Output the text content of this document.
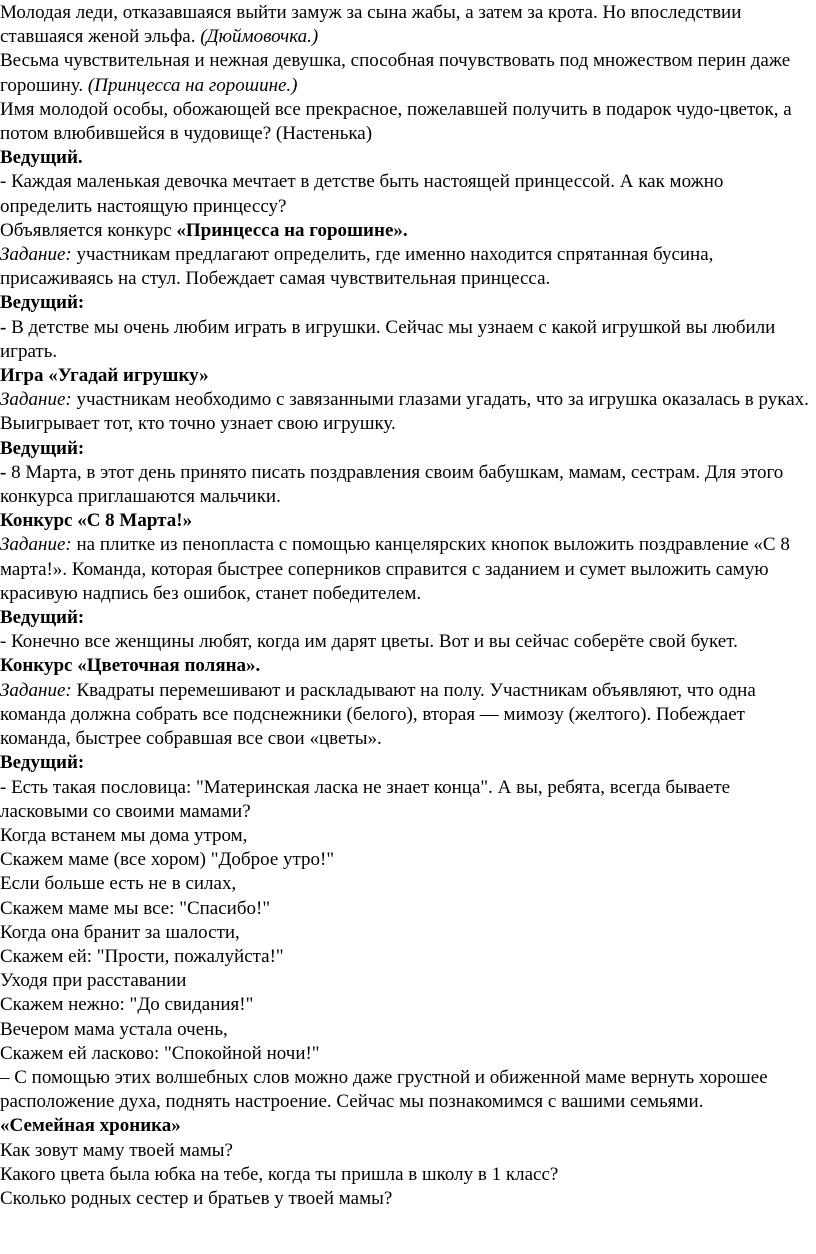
Молодая леди, отказавшаяся выйти замуж за сына жабы, а затем за крота. Но впоследствии ставшаяся женой эльфа. (Дюймовочка.)

Весьма чувствительная и нежная девушка, способная почувствовать под множеством перин даже горошину. (Принцесса на горошине.)

Имя молодой особы, обожающей все прекрасное, пожелавшей получить в подарок чудо-цветок, а потом влюбившейся в чудовище? (Настенька)

Ведущий.

- Каждая маленькая девочка мечтает в детстве быть настоящей принцессой. А как можно определить настоящую принцессу?

Объявляется конкурс «Принцесса на горошине».

Задание: участникам предлагают определить, где именно находится спрятанная бусина, присаживаясь на стул. Побеждает самая чувствительная принцесса.

Ведущий:

- В детстве мы очень любим играть в игрушки. Сейчас мы узнаем с какой игрушкой вы любили играть.

Игра «Угадай игрушку»

Задание: участникам необходимо с завязанными глазами угадать, что за игрушка оказалась в руках. Выигрывает тот, кто точно узнает свою игрушку.

Ведущий:

- 8 Марта, в этот день принято писать поздравления своим бабушкам, мамам, сестрам. Для этого конкурса приглашаются мальчики.

Конкурс «С 8 Марта!»

Задание: на плитке из пенопласта с помощью канцелярских кнопок выложить поздравление «С 8 марта!». Команда, которая быстрее соперников справится с заданием и сумет выложить самую красивую надпись без ошибок, станет победителем.

Ведущий:

- Конечно все женщины любят, когда им дарят цветы. Вот и вы сейчас соберёте свой букет.

Конкурс «Цветочная поляна».

Задание: Квадраты перемешивают и раскладывают на полу. Участникам объявляют, что одна команда должна собрать все подснежники (белого), вторая — мимозу (желтого). Побеждает команда, быстрее собравшая все свои «цветы».

Ведущий:

- Есть такая пословица: "Материнская ласка не знает конца". А вы, ребята, всегда бываете ласковыми со своими мамами?

Когда встанем мы дома утром,

Скажем маме (все хором) "Доброе утро!"

Если больше есть не в силах,

Скажем маме мы все: "Спасибо!"

Когда она бранит за шалости,

Скажем ей: "Прости, пожалуйста!"

Уходя при расставании

Скажем нежно: "До свидания!"

Вечером мама устала очень,

Скажем ей ласково: "Спокойной ночи!"

– С помощью этих волшебных слов можно даже грустной и обиженной маме вернуть хорошее расположение духа, поднять настроение. Сейчас мы познакомимся с вашими семьями.

«Семейная хроника»

Как зовут маму твоей мамы?

Какого цвета была юбка на тебе, когда ты пришла в школу в 1 класс?

Сколько родных сестер и братьев у твоей мамы?
